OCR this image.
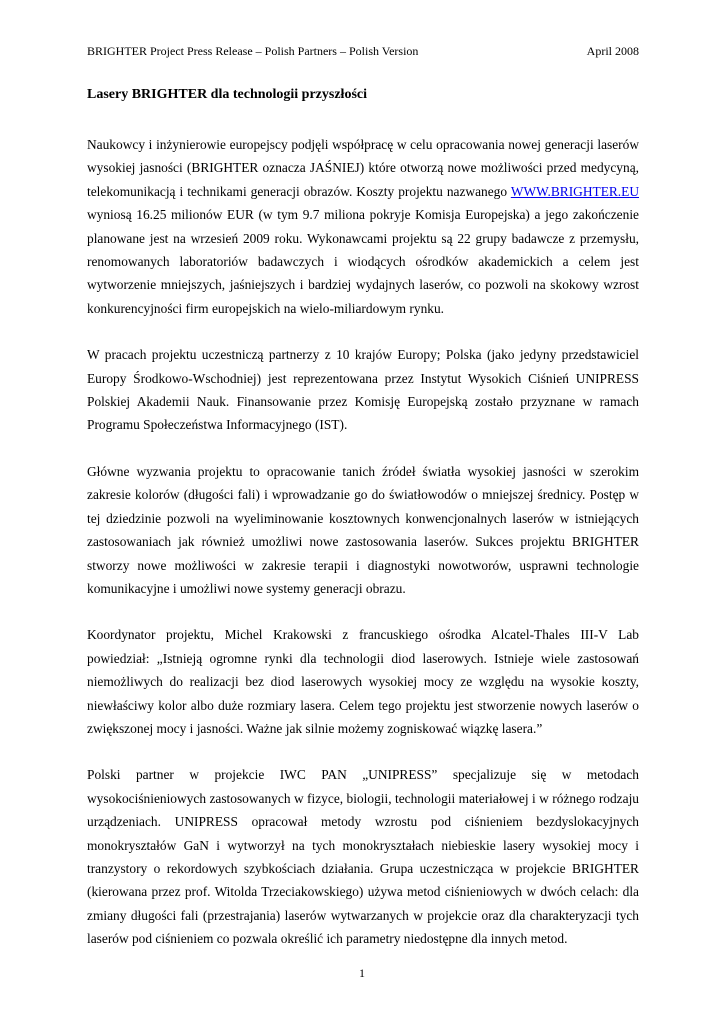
BRIGHTER Project Press Release – Polish Partners – Polish Version	April 2008
Lasery BRIGHTER dla technologii przyszłości

Naukowcy i inżynierowie europejscy podjęli współpracę w celu opracowania nowej generacji laserów wysokiej jasności (BRIGHTER oznacza JAŚNIEJ) które otworzą nowe możliwości przed medycyną, telekomunikacją i technikami generacji obrazów. Koszty projektu nazwanego WWW.BRIGHTER.EU wyniosą 16.25 milionów EUR (w tym 9.7 miliona pokryje Komisja Europejska) a jego zakończenie planowane jest na wrzesień 2009 roku. Wykonawcami projektu są 22 grupy badawcze z przemysłu, renomowanych laboratoriów badawczych i wiodących ośrodków akademickich a celem jest wytworzenie mniejszych, jaśniejszych i bardziej wydajnych laserów, co pozwoli na skokowy wzrost konkurencyjności firm europejskich na wielo-miliardowym rynku.

W pracach projektu uczestniczą partnerzy z 10 krajów Europy; Polska (jako jedyny przedstawiciel Europy Środkowo-Wschodniej) jest reprezentowana przez Instytut Wysokich Ciśnień UNIPRESS Polskiej Akademii Nauk. Finansowanie przez Komisję Europejską zostało przyznane w ramach Programu Społeczeństwa Informacyjnego (IST).

Główne wyzwania projektu to opracowanie tanich źródeł światła wysokiej jasności w szerokim zakresie kolorów (długości fali) i wprowadzanie go do światłowodów o mniejszej średnicy. Postęp w tej dziedzinie pozwoli na wyeliminowanie kosztownych konwencjonalnych laserów w istniejących zastosowaniach jak również umożliwi nowe zastosowania laserów. Sukces projektu BRIGHTER stworzy nowe możliwości w zakresie terapii i diagnostyki nowotworów, usprawni technologie komunikacyjne i umożliwi nowe systemy generacji obrazu.

Koordynator projektu, Michel Krakowski z francuskiego ośrodka Alcatel-Thales III-V Lab powiedział: „Istnieją ogromne rynki dla technologii diod laserowych. Istnieje wiele zastosowań niemożliwych do realizacji bez diod laserowych wysokiej mocy ze względu na wysokie koszty, niewłaściwy kolor albo duże rozmiary lasera. Celem tego projektu jest stworzenie nowych laserów o zwiększonej mocy i jasności. Ważne jak silnie możemy zogniskować wiązkę lasera.”

Polski partner w projekcie IWC PAN „UNIPRESS” specjalizuje się w metodach wysokociśnieniowych zastosowanych w fizyce, biologii, technologii materiałowej i w różnego rodzaju urządzeniach. UNIPRESS opracował metody wzrostu pod ciśnieniem bezdyslokacyjnych monokryształów GaN i wytworzył na tych monokryształach niebieskie lasery wysokiej mocy i tranzystory o rekordowych szybkościach działania. Grupa uczestnicząca w projekcie BRIGHTER (kierowana przez prof. Witolda Trzeciakowskiego) używa metod ciśnieniowych w dwóch celach: dla zmiany długości fali (przestrajania) laserów wytwarzanych w projekcie oraz dla charakteryzacji tych laserów pod ciśnieniem co pozwala określić ich parametry niedostępne dla innych metod.

1
